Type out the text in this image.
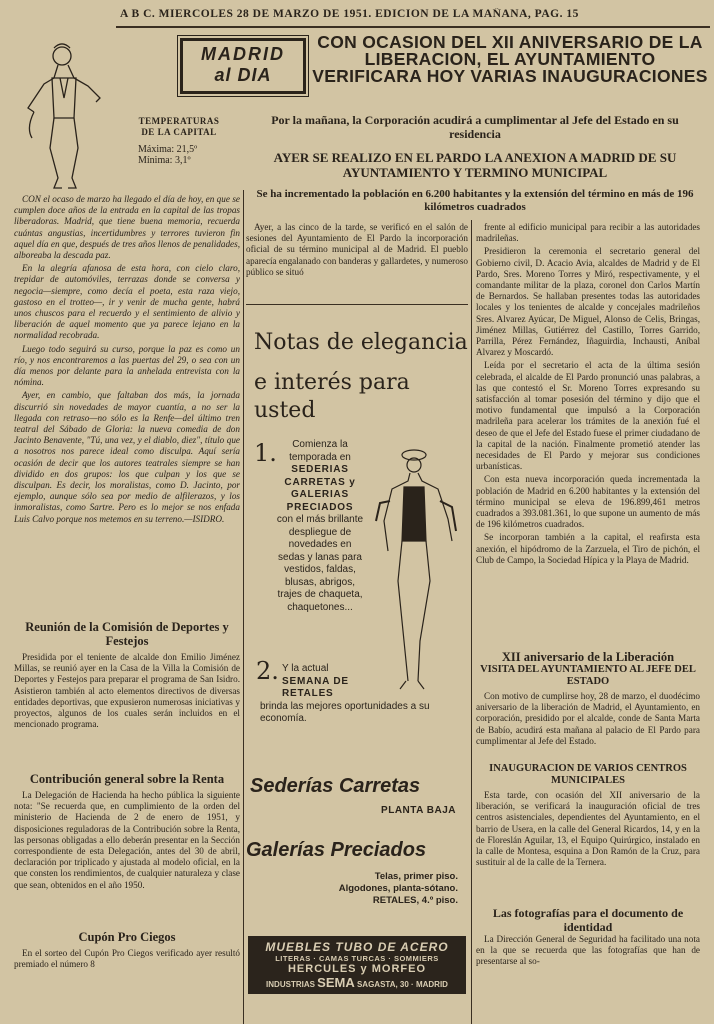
A B C. MIERCOLES 28 DE MARZO DE 1951. EDICION DE LA MAÑANA, PAG. 15
MADRID
al DIA
TEMPERATURAS
DE LA CAPITAL
Máxima: 21,5º
Mínima: 3,1º

CON el ocaso de marzo ha llegado el día de hoy, en que se cumplen doce años de la entrada en la capital de las tropas liberadoras. Madrid, que tiene buena memoria, recuerda cuántas angustias, incertidumbres y terrores tuvieron fin aquel día en que, después de tres años llenos de penalidades, alboreaba la descada paz.

En la alegría afanosa de esta hora, con cielo claro, trepidar de automóviles, terrazas donde se conversa y negocia—siempre, como decía el poeta, esta raza viejo, gastoso en el trotteo—, ir y venir de mucha gente, habrá unos chuscos para el recuerdo y el sentimiento de alivio y liberación de aquel momento que ya parece lejano en la normalidad recobrada.

Luego todo seguirá su curso, porque la paz es como un río, y nos encontraremos a las puertas del 29, o sea con un día menos por delante para la anhelada entrevista con la nómina.

Ayer, en cambio, que faltaban dos más, la jornada discurrió sin novedades de mayor cuantía, a no ser la llegada con retraso—no sólo es la Renfe—del último tren teatral del Sábado de Gloria: la nueva comedia de don Jacinto Benavente, "Tú, una vez, y el diablo, diez", título que a nosotros nos parece ideal como disculpa. Aquí sería ocasión de decir que los autores teatrales siempre se han dividido en dos grupos: los que culpan y los que se disculpan. Es decir, los moralistas, como D. Jacinto, por ejemplo, aunque sólo sea por medio de alfilerazos, y los inmoralistas, como Sartre. Pero es lo mejor se nos enfada Luis Calvo porque nos metemos en su terreno.—ISIDRO.

Reunión de la Comisión de Deportes y Festejos

Presidida por el teniente de alcalde don Emilio Jiménez Millas, se reunió ayer en la Casa de la Villa la Comisión de Deportes y Festejos para preparar el programa de San Isidro. Asistieron también al acto elementos directivos de diversas entidades deportivas, que expusieron numerosas iniciativas y proyectos, algunos de los cuales serán incluidos en el mencionado programa.

Contribución general sobre la Renta

La Delegación de Hacienda ha hecho pública la siguiente nota: "Se recuerda que, en cumplimiento de la orden del ministerio de Hacienda de 2 de enero de 1951, y disposiciones reguladoras de la Contribución sobre la Renta, las personas obligadas a ello deberán presentar en la Sección correspondiente de esta Delegación, antes del 30 de abril, declaración por triplicado y ajustada al modelo oficial, en la que consten los rendimientos, de cualquier naturaleza y clase que sean, obtenidos en el año 1950.

Cupón Pro Ciegos

En el sorteo del Cupón Pro Ciegos verificado ayer resultó premiado el número 8

CON OCASION DEL XII ANIVERSARIO DE LA LIBERACION, EL AYUNTAMIENTO VERIFICARA HOY VARIAS INAUGURACIONES
Por la mañana, la Corporación acudirá a cumplimentar al Jefe del Estado en su residencia
AYER SE REALIZO EN EL PARDO LA ANEXION A MADRID DE SU AYUNTAMIENTO Y TERMINO MUNICIPAL
Se ha incrementado la población en 6.200 habitantes y la extensión del término en más de 196 kilómetros cuadrados

Ayer, a las cinco de la tarde, se verificó en el salón de sesiones del Ayuntamiento de El Pardo la incorporación oficial de su término municipal al de Madrid. El pueblo aparecía engalanado con banderas y gallardetes, y numeroso público se situó

Notas de elegancia
e interés para usted
1.	Comienza la temporada en
SEDERIAS CARRETAS y GALERIAS PRECIADOS
con el más brillante despliegue de novedades en sedas y lanas para vestidos, faldas, blusas, abrigos, trajes de chaqueta, chaquetones...
2. Y la actual
SEMANA DE RETALES
brinda las mejores oportunidades a su economía.
Sederías Carretas
PLANTA BAJA
Galerías Preciados
Telas, primer piso.
Algodones, planta-sótano.
RETALES, 4.º piso.
MUEBLES TUBO DE ACERO
LITERAS · CAMAS TURCAS · SOMMIERS
HERCULES y MORFEO
INDUSTRIAS SEMA SAGASTA, 30 · MADRID

frente al edificio municipal para recibir a las autoridades madrileñas.

Presidieron la ceremonia el secretario general del Gobierno civil, D. Acacio Avia, alcaldes de Madrid y de El Pardo, Sres. Moreno Torres y Miró, respectivamente, y el comandante militar de la plaza, coronel don Carlos Martín de Bernardos. Se hallaban presentes todas las autoridades locales y los tenientes de alcalde y concejales madrileños Sres. Alvarez Ayúcar, De Miguel, Alonso de Celis, Bringas, Jiménez Millas, Gutiérrez del Castillo, Torres Garrido, Parrilla, Pérez Fernández, Iñaguirdia, Inchausti, Aníbal Alvarez y Moscardó.

Leída por el secretario el acta de la última sesión celebrada, el alcalde de El Pardo pronunció unas palabras, a las que contestó el Sr. Moreno Torres expresando su satisfacción al tomar posesión del término y dijo que el motivo fundamental que impulsó a la Corporación madrileña para acelerar los trámites de la anexión fué el deseo de que el Jefe del Estado fuese el primer ciudadano de la capital de la nación. Finalmente prometió atender las necesidades de El Pardo y mejorar sus condiciones urbanísticas.

Con esta nueva incorporación queda incrementada la población de Madrid en 6.200 habitantes y la extensión del término municipal se eleva de 196.899,461 metros cuadrados a 393.081.361, lo que supone un aumento de más de 196 kilómetros cuadrados.

Se incorporan también a la capital, el reafirsta esta anexión, el hipódromo de la Zarzuela, el Tiro de pichón, el Club de Campo, la Sociedad Hípica y la Playa de Madrid.

XII aniversario de la Liberación
VISITA DEL AYUNTAMIENTO AL JEFE DEL ESTADO

Con motivo de cumplirse hoy, 28 de marzo, el duodécimo aniversario de la liberación de Madrid, el Ayuntamiento, en corporación, presidido por el alcalde, conde de Santa Marta de Babío, acudirá esta mañana al palacio de El Pardo para cumplimentar al Jefe del Estado.

INAUGURACION DE VARIOS CENTROS MUNICIPALES

Esta tarde, con ocasión del XII aniversario de la liberación, se verificará la inauguración oficial de tres centros asistenciales, dependientes del Ayuntamiento, en el barrio de Usera, en la calle del General Ricardos, 14, y en la de Floreslán Aguilar, 13, el Equipo Quirúrgico, instalado en la calle de Montesa, esquina a Don Ramón de la Cruz, para sustituir al de la calle de la Ternera.

Las fotografías para el documento de identidad

La Dirección General de Seguridad ha facilitado una nota en la que se recuerda que las fotografías que han de presentarse al so-
